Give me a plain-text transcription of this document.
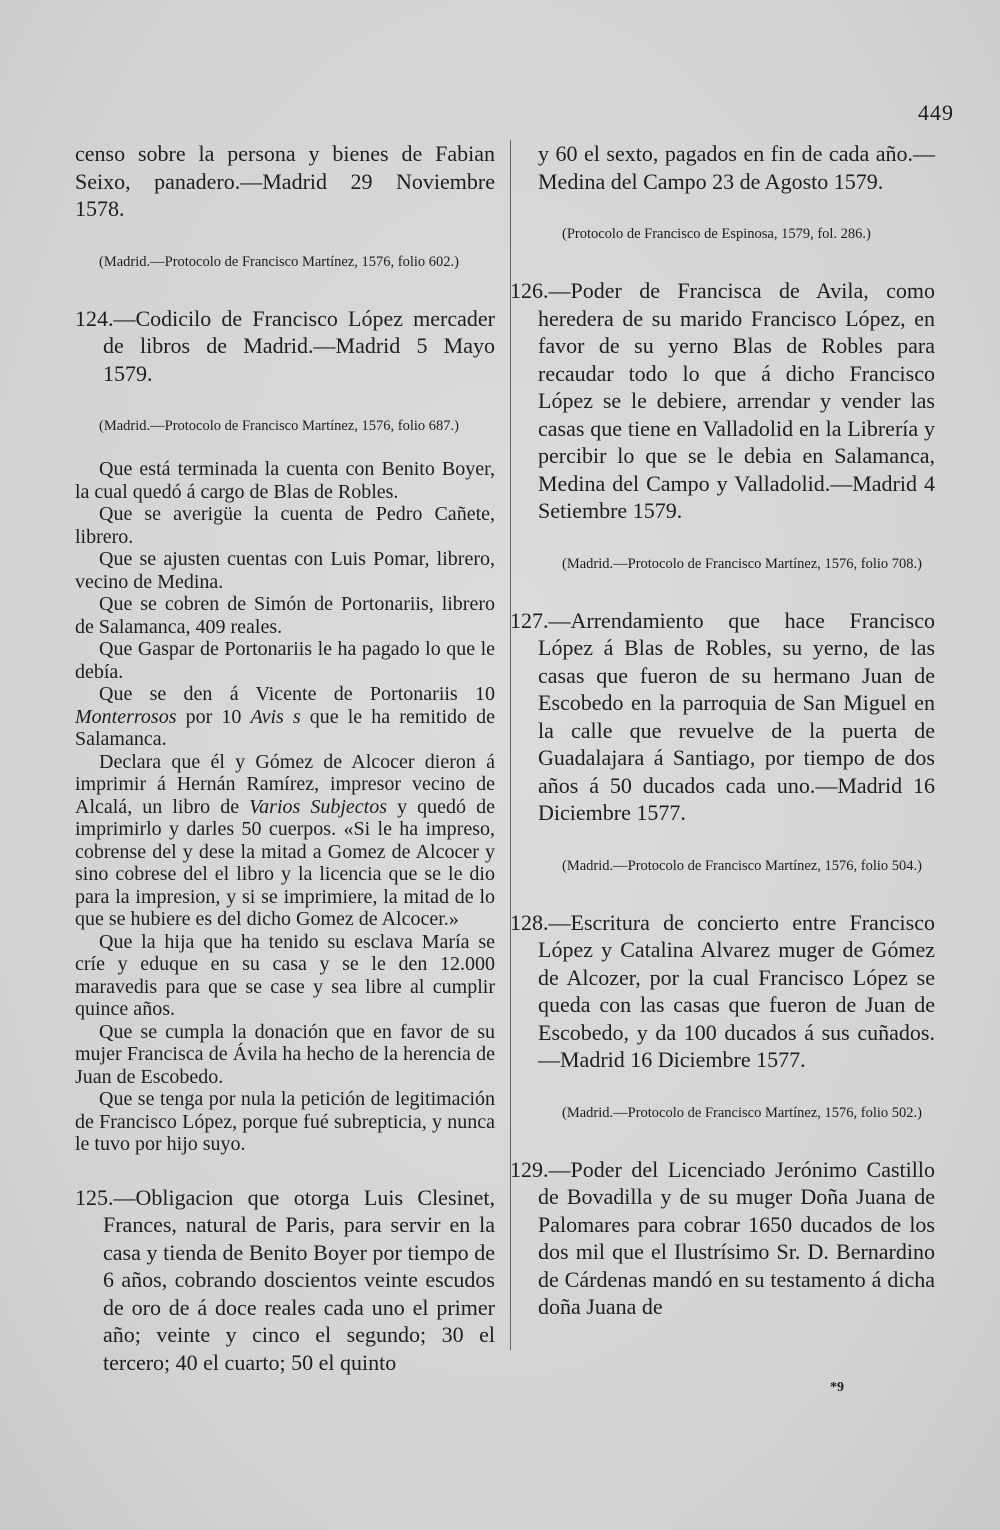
449

censo sobre la persona y bienes de Fabian Seixo, panadero.—Madrid 29 Noviembre 1578.

(Madrid.—Protocolo de Francisco Martínez, 1576, folio 602.)

124.—Codicilo de Francisco López mercader de libros de Madrid.—Madrid 5 Mayo 1579.

(Madrid.—Protocolo de Francisco Martínez, 1576, folio 687.)

Que está terminada la cuenta con Benito Boyer, la cual quedó á cargo de Blas de Robles.

Que se averigüe la cuenta de Pedro Cañete, librero.

Que se ajusten cuentas con Luis Pomar, librero, vecino de Medina.

Que se cobren de Simón de Portonariis, librero de Salamanca, 409 reales.

Que Gaspar de Portonariis le ha pagado lo que le debía.

Que se den á Vicente de Portonariis 10 Monterrosos por 10 Avis s que le ha remitido de Salamanca.

Declara que él y Gómez de Alcocer dieron á imprimir á Hernán Ramírez, impresor vecino de Alcalá, un libro de Varios Subjectos y quedó de imprimirlo y darles 50 cuerpos. «Si le ha impreso, cobrense del y dese la mitad a Gomez de Alcocer y sino cobrese del el libro y la licencia que se le dio para la impresion, y si se imprimiere, la mitad de lo que se hubiere es del dicho Gomez de Alcocer.»

Que la hija que ha tenido su esclava María se críe y eduque en su casa y se le den 12.000 maravedis para que se case y sea libre al cumplir quince años.

Que se cumpla la donación que en favor de su mujer Francisca de Ávila ha hecho de la herencia de Juan de Escobedo.

Que se tenga por nula la petición de legitimación de Francisco López, porque fué subrepticia, y nunca le tuvo por hijo suyo.

125.—Obligacion que otorga Luis Clesinet, Frances, natural de Paris, para servir en la casa y tienda de Benito Boyer por tiempo de 6 años, cobrando doscientos veinte escudos de oro de á doce reales cada uno el primer año; veinte y cinco el segundo; 30 el tercero; 40 el cuarto; 50 el quinto

y 60 el sexto, pagados en fin de cada año.—Medina del Campo 23 de Agosto 1579.

(Protocolo de Francisco de Espinosa, 1579, fol. 286.)

126.—Poder de Francisca de Avila, como heredera de su marido Francisco López, en favor de su yerno Blas de Robles para recaudar todo lo que á dicho Francisco López se le debiere, arrendar y vender las casas que tiene en Valladolid en la Librería y percibir lo que se le debia en Salamanca, Medina del Campo y Valladolid.—Madrid 4 Setiembre 1579.

(Madrid.—Protocolo de Francisco Martínez, 1576, folio 708.)

127.—Arrendamiento que hace Francisco López á Blas de Robles, su yerno, de las casas que fueron de su hermano Juan de Escobedo en la parroquia de San Miguel en la calle que revuelve de la puerta de Guadalajara á Santiago, por tiempo de dos años á 50 ducados cada uno.—Madrid 16 Diciembre 1577.

(Madrid.—Protocolo de Francisco Martínez, 1576, folio 504.)

128.—Escritura de concierto entre Francisco López y Catalina Alvarez muger de Gómez de Alcozer, por la cual Francisco López se queda con las casas que fueron de Juan de Escobedo, y da 100 ducados á sus cuñados.—Madrid 16 Diciembre 1577.

(Madrid.—Protocolo de Francisco Martínez, 1576, folio 502.)

129.—Poder del Licenciado Jerónimo Castillo de Bovadilla y de su muger Doña Juana de Palomares para cobrar 1650 ducados de los dos mil que el Ilustrísimo Sr. D. Bernardino de Cárdenas mandó en su testamento á dicha doña Juana de

*9
